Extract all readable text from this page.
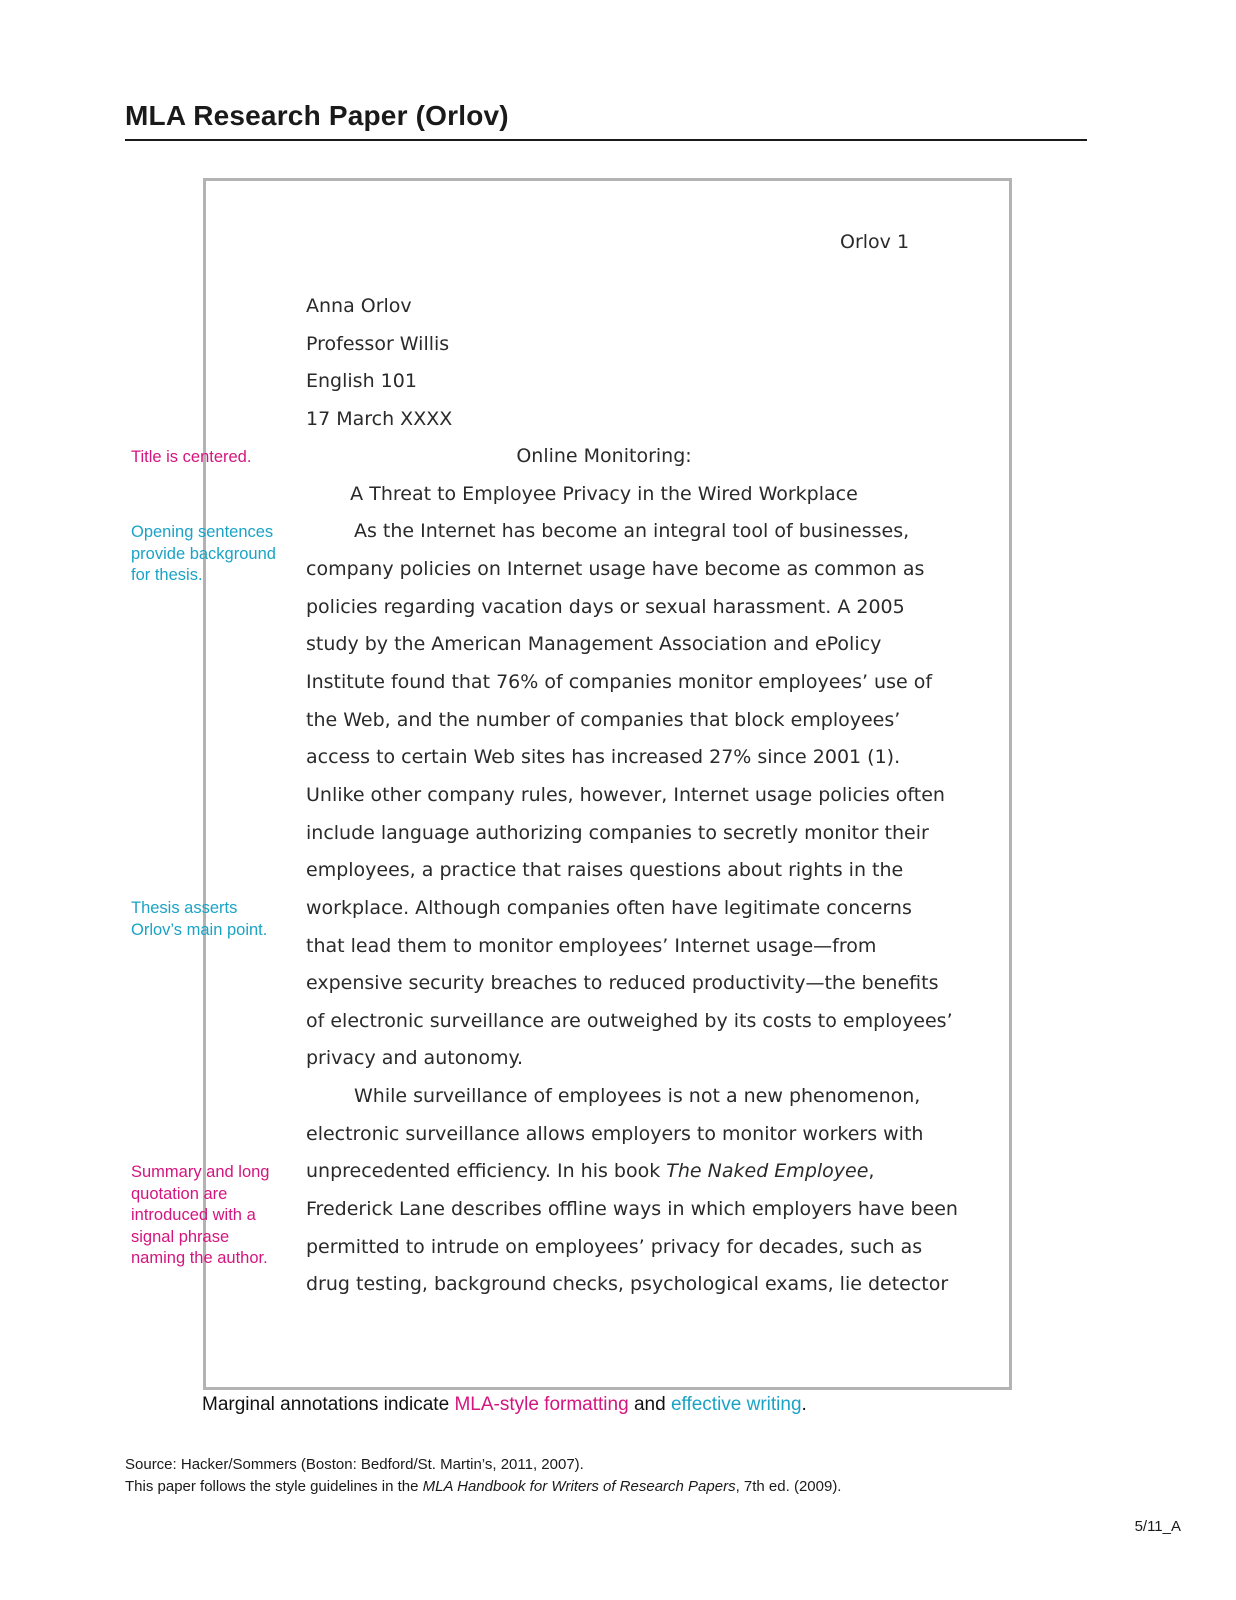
MLA Research Paper (Orlov)
Orlov 1
Anna Orlov
Professor Willis
English 101
17 March XXXX
Online Monitoring:
A Threat to Employee Privacy in the Wired Workplace
As the Internet has become an integral tool of businesses,
company policies on Internet usage have become as common as
policies regarding vacation days or sexual harassment. A 2005
study by the American Management Association and ePolicy
Institute found that 76% of companies monitor employees’ use of
the Web, and the number of companies that block employees’
access to certain Web sites has increased 27% since 2001 (1).
Unlike other company rules, however, Internet usage policies often
include language authorizing companies to secretly monitor their
employees, a practice that raises questions about rights in the
workplace. Although companies often have legitimate concerns
that lead them to monitor employees’ Internet usage—from
expensive security breaches to reduced productivity—the benefits
of electronic surveillance are outweighed by its costs to employees’
privacy and autonomy.
While surveillance of employees is not a new phenomenon,
electronic surveillance allows employers to monitor workers with
unprecedented efficiency. In his book The Naked Employee,
Frederick Lane describes offline ways in which employers have been
permitted to intrude on employees’ privacy for decades, such as
drug testing, background checks, psychological exams, lie detector
Title is centered.
Opening sentences
provide background
for thesis.
Thesis asserts
Orlov’s main point.
Summary and long
quotation are
introduced with a
signal phrase
naming the author.

Marginal annotations indicate MLA-style formatting and effective writing.

Source: Hacker/Sommers (Boston: Bedford/St. Martin’s, 2011, 2007).

This paper follows the style guidelines in the MLA Handbook for Writers of Research Papers, 7th ed. (2009).

5/11_A
